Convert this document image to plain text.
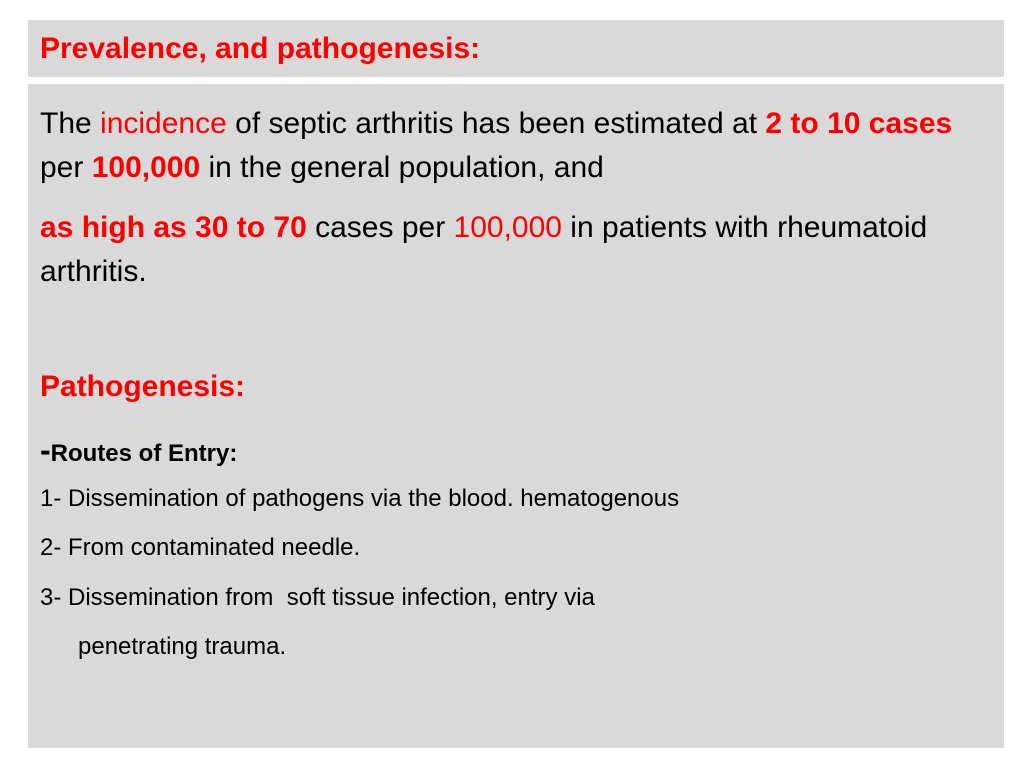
Prevalence, and pathogenesis:

The incidence of septic arthritis has been estimated at 2 to 10 cases per 100,000 in the general population, and

as high as 30 to 70 cases per 100,000 in patients with rheumatoid arthritis.

Pathogenesis:

-Routes of Entry:

1- Dissemination of pathogens via the blood. hematogenous

2- From contaminated needle.

3- Dissemination from  soft tissue infection, entry via

penetrating trauma.
